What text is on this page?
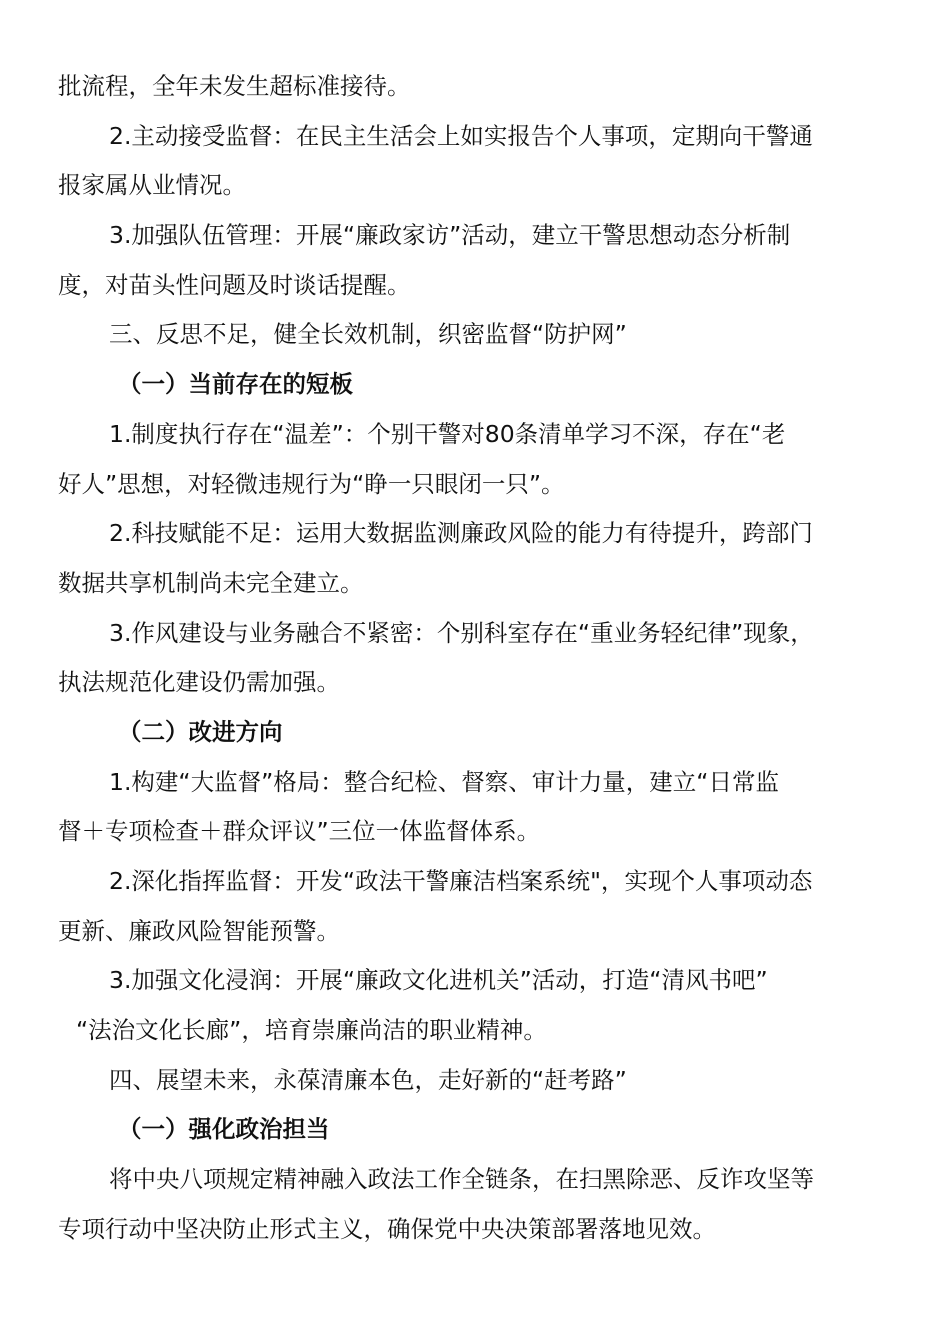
批流程，全年未发生超标准接待。
2.主动接受监督：在民主生活会上如实报告个人事项，定期向干警通
报家属从业情况。
3.加强队伍管理：开展“廉政家访”活动，建立干警思想动态分析制
度，对苗头性问题及时谈话提醒。
三、反思不足，健全长效机制，织密监督“防护网”
（一）当前存在的短板
1.制度执行存在“温差”：个别干警对80条清单学习不深，存在“老
好人”思想，对轻微违规行为“睁一只眼闭一只”。
2.科技赋能不足：运用大数据监测廉政风险的能力有待提升，跨部门
数据共享机制尚未完全建立。
3.作风建设与业务融合不紧密：个别科室存在“重业务轻纪律”现象，
执法规范化建设仍需加强。
（二）改进方向
1.构建“大监督”格局：整合纪检、督察、审计力量，建立“日常监
督＋专项检查＋群众评议”三位一体监督体系。
2.深化指挥监督：开发“政法干警廉洁档案系统"，实现个人事项动态
更新、廉政风险智能预警。
3.加强文化浸润：开展“廉政文化进机关”活动，打造“清风书吧”
“法治文化长廊”，培育崇廉尚洁的职业精神。
四、展望未来，永葆清廉本色，走好新的“赶考路”
（一）强化政治担当
将中央八项规定精神融入政法工作全链条，在扫黑除恶、反诈攻坚等
专项行动中坚决防止形式主义，确保党中央决策部署落地见效。
